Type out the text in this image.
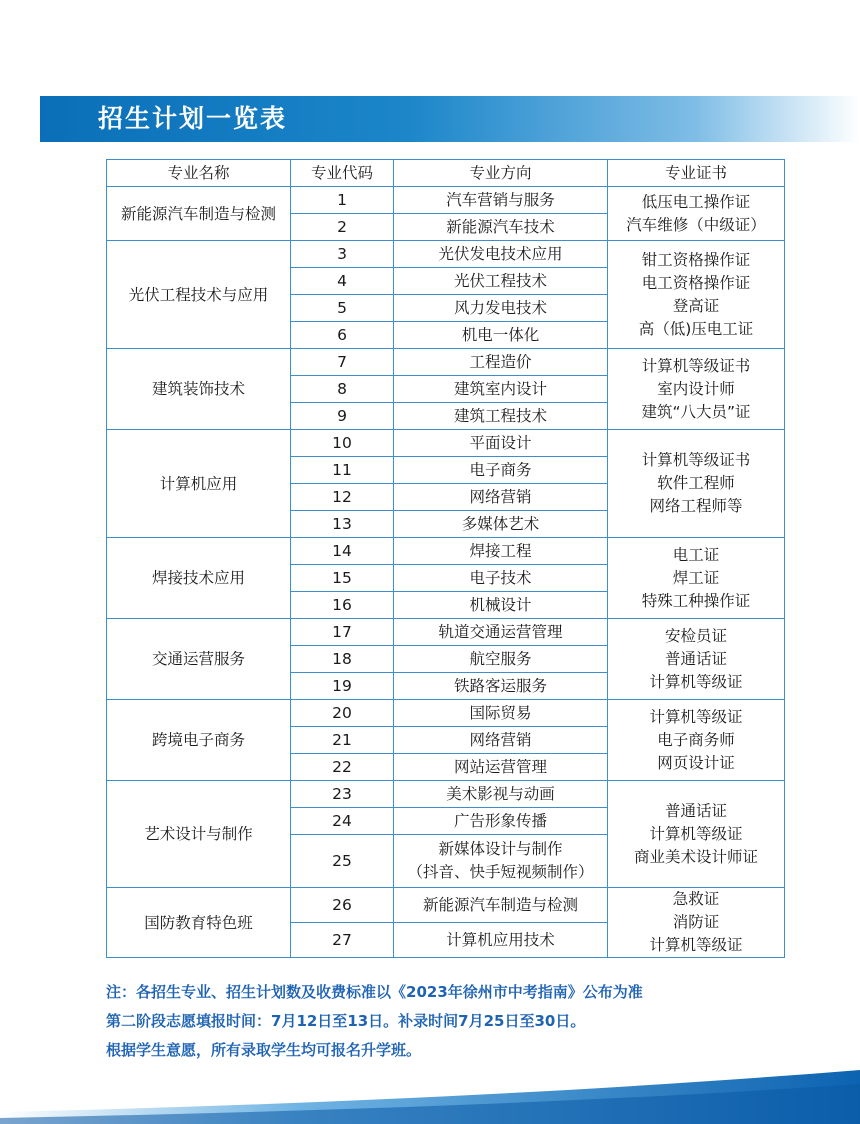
招生计划一览表
专业名称	专业代码	专业方向	专业证书
新能源汽车制造与检测	1	汽车营销与服务	低压电工操作证
汽车维修（中级证）

	2	新能源汽车技术	
光伏工程技术与应用	3	光伏发电技术应用	钳工资格操作证
电工资格操作证
登高证
高（低)压电工证

	4	光伏工程技术	
	5	风力发电技术	
	6	机电一体化	
建筑装饰技术	7	工程造价	计算机等级证书
室内设计师
建筑“八大员”证

	8	建筑室内设计	
	9	建筑工程技术	
计算机应用	10	平面设计	计算机等级证书
软件工程师
网络工程师等

	11	电子商务	
	12	网络营销	
	13	多媒体艺术	
焊接技术应用	14	焊接工程	电工证
焊工证
特殊工种操作证

	15	电子技术	
	16	机械设计	
交通运营服务	17	轨道交通运营管理	安检员证
普通话证
计算机等级证

	18	航空服务	
	19	铁路客运服务	
跨境电子商务	20	国际贸易	计算机等级证
电子商务师
网页设计证

	21	网络营销	
	22	网站运营管理	
艺术设计与制作	23	美术影视与动画	普通话证
计算机等级证
商业美术设计师证

	24	广告形象传播	
	25	新媒体设计与制作
（抖音、快手短视频制作）	

国防教育特色班	26	新能源汽车制造与检测	急救证
消防证
计算机等级证

	27	计算机应用技术	
注：各招生专业、招生计划数及收费标准以《2023年徐州市中考指南》公布为准
第二阶段志愿填报时间：7月12日至13日。补录时间7月25日至30日。
根据学生意愿，所有录取学生均可报名升学班。
